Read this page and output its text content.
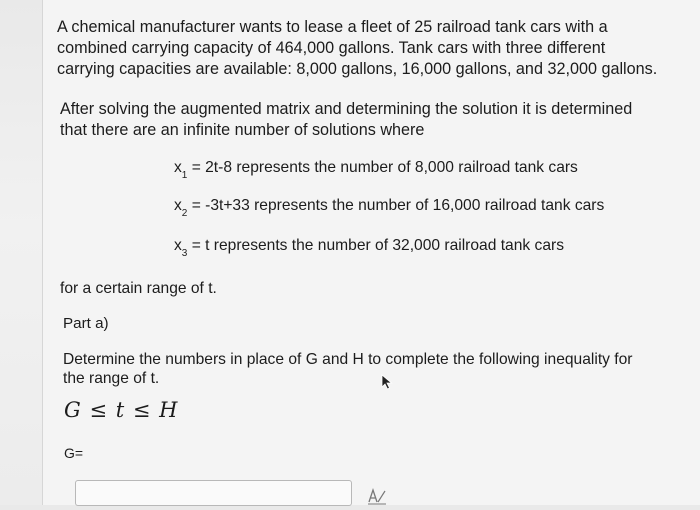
A chemical manufacturer wants to lease a fleet of 25 railroad tank cars with a
combined carrying capacity of 464,000 gallons. Tank cars with three different
carrying capacities are available: 8,000 gallons, 16,000 gallons, and 32,000 gallons.
After solving the augmented matrix and determining the solution it is determined
that there are an infinite number of solutions where
$x_1 = 2t-8$ represents the number of 8,000 railroad tank cars
$x_2 = -3t+33$ represents the number of 16,000 railroad tank cars
$x_3 = t$ represents the number of 32,000 railroad tank cars
for a certain range of t.
Part a)
Determine the numbers in place of G and H to complete the following inequality for
the range of t.
G ≤ t ≤ H
G=
